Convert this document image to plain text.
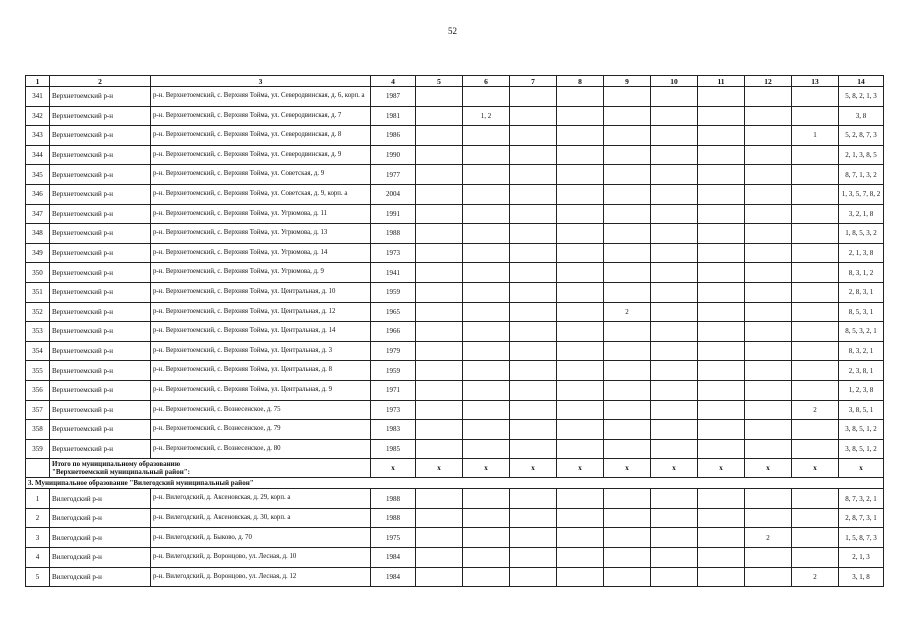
52
1	2	3	4	5	6	7	8	9	10	11	12	13	14
341	Верхнетоемский р-н	р-н. Верхнетоемский, с. Верхняя Тойма, ул. Северодвинская, д. 6, корп. а	1987										5, 8, 2, 1, 3
342	Верхнетоемский р-н	р-н. Верхнетоемский, с. Верхняя Тойма, ул. Северодвинская, д. 7	1981		1, 2								3, 8
343	Верхнетоемский р-н	р-н. Верхнетоемский, с. Верхняя Тойма, ул. Северодвинская, д. 8	1986									1	5, 2, 8, 7, 3
344	Верхнетоемский р-н	р-н. Верхнетоемский, с. Верхняя Тойма, ул. Северодвинская, д. 9	1990										2, 1, 3, 8, 5
345	Верхнетоемский р-н	р-н. Верхнетоемский, с. Верхняя Тойма, ул. Советская, д. 9	1977										8, 7, 1, 3, 2
346	Верхнетоемский р-н	р-н. Верхнетоемский, с. Верхняя Тойма, ул. Советская, д. 9, корп. а	2004										1, 3, 5, 7, 8, 2
347	Верхнетоемский р-н	р-н. Верхнетоемский, с. Верхняя Тойма, ул. Угрюмова, д. 11	1991										3, 2, 1, 8
348	Верхнетоемский р-н	р-н. Верхнетоемский, с. Верхняя Тойма, ул. Угрюмова, д. 13	1988										1, 8, 5, 3, 2
349	Верхнетоемский р-н	р-н. Верхнетоемский, с. Верхняя Тойма, ул. Угрюмова, д. 14	1973										2, 1, 3, 8
350	Верхнетоемский р-н	р-н. Верхнетоемский, с. Верхняя Тойма, ул. Угрюмова, д. 9	1941										8, 3, 1, 2
351	Верхнетоемский р-н	р-н. Верхнетоемский, с. Верхняя Тойма, ул. Центральная, д. 10	1959										2, 8, 3, 1
352	Верхнетоемский р-н	р-н. Верхнетоемский, с. Верхняя Тойма, ул. Центральная, д. 12	1965					2					8, 5, 3, 1
353	Верхнетоемский р-н	р-н. Верхнетоемский, с. Верхняя Тойма, ул. Центральная, д. 14	1966										8, 5, 3, 2, 1
354	Верхнетоемский р-н	р-н. Верхнетоемский, с. Верхняя Тойма, ул. Центральная, д. 3	1979										8, 3, 2, 1
355	Верхнетоемский р-н	р-н. Верхнетоемский, с. Верхняя Тойма, ул. Центральная, д. 8	1959										2, 3, 8, 1
356	Верхнетоемский р-н	р-н. Верхнетоемский, с. Верхняя Тойма, ул. Центральная, д. 9	1971										1, 2, 3, 8
357	Верхнетоемский р-н	р-н. Верхнетоемский, с. Вознесенское, д. 75	1973									2	3, 8, 5, 1
358	Верхнетоемский р-н	р-н. Верхнетоемский, с. Вознесенское, д. 79	1983										3, 8, 5, 1, 2
359	Верхнетоемский р-н	р-н. Верхнетоемский, с. Вознесенское, д. 80	1985										3, 8, 5, 1, 2

	Итого по муниципальному образованию
"Верхнетоемский муниципальный район":		x	x	x	x	x	x	x	x	x	x	x
3. Муниципальное образование "Вилегодский муниципальный район"													
1	Вилегодский р-н	р-н. Вилегодский, д. Аксеновская, д. 29, корп. а	1988										8, 7, 3, 2, 1
2	Вилегодский р-н	р-н. Вилегодский, д. Аксеновская, д. 30, корп. а	1988										2, 8, 7, 3, 1
3	Вилегодский р-н	р-н. Вилегодский, д. Быково, д. 70	1975								2		1, 5, 8, 7, 3
4	Вилегодский р-н	р-н. Вилегодский, д. Воронцово, ул. Лесная, д. 10	1984										2, 1, 3
5	Вилегодский р-н	р-н. Вилегодский, д. Воронцово, ул. Лесная, д. 12	1984									2	3, 1, 8
